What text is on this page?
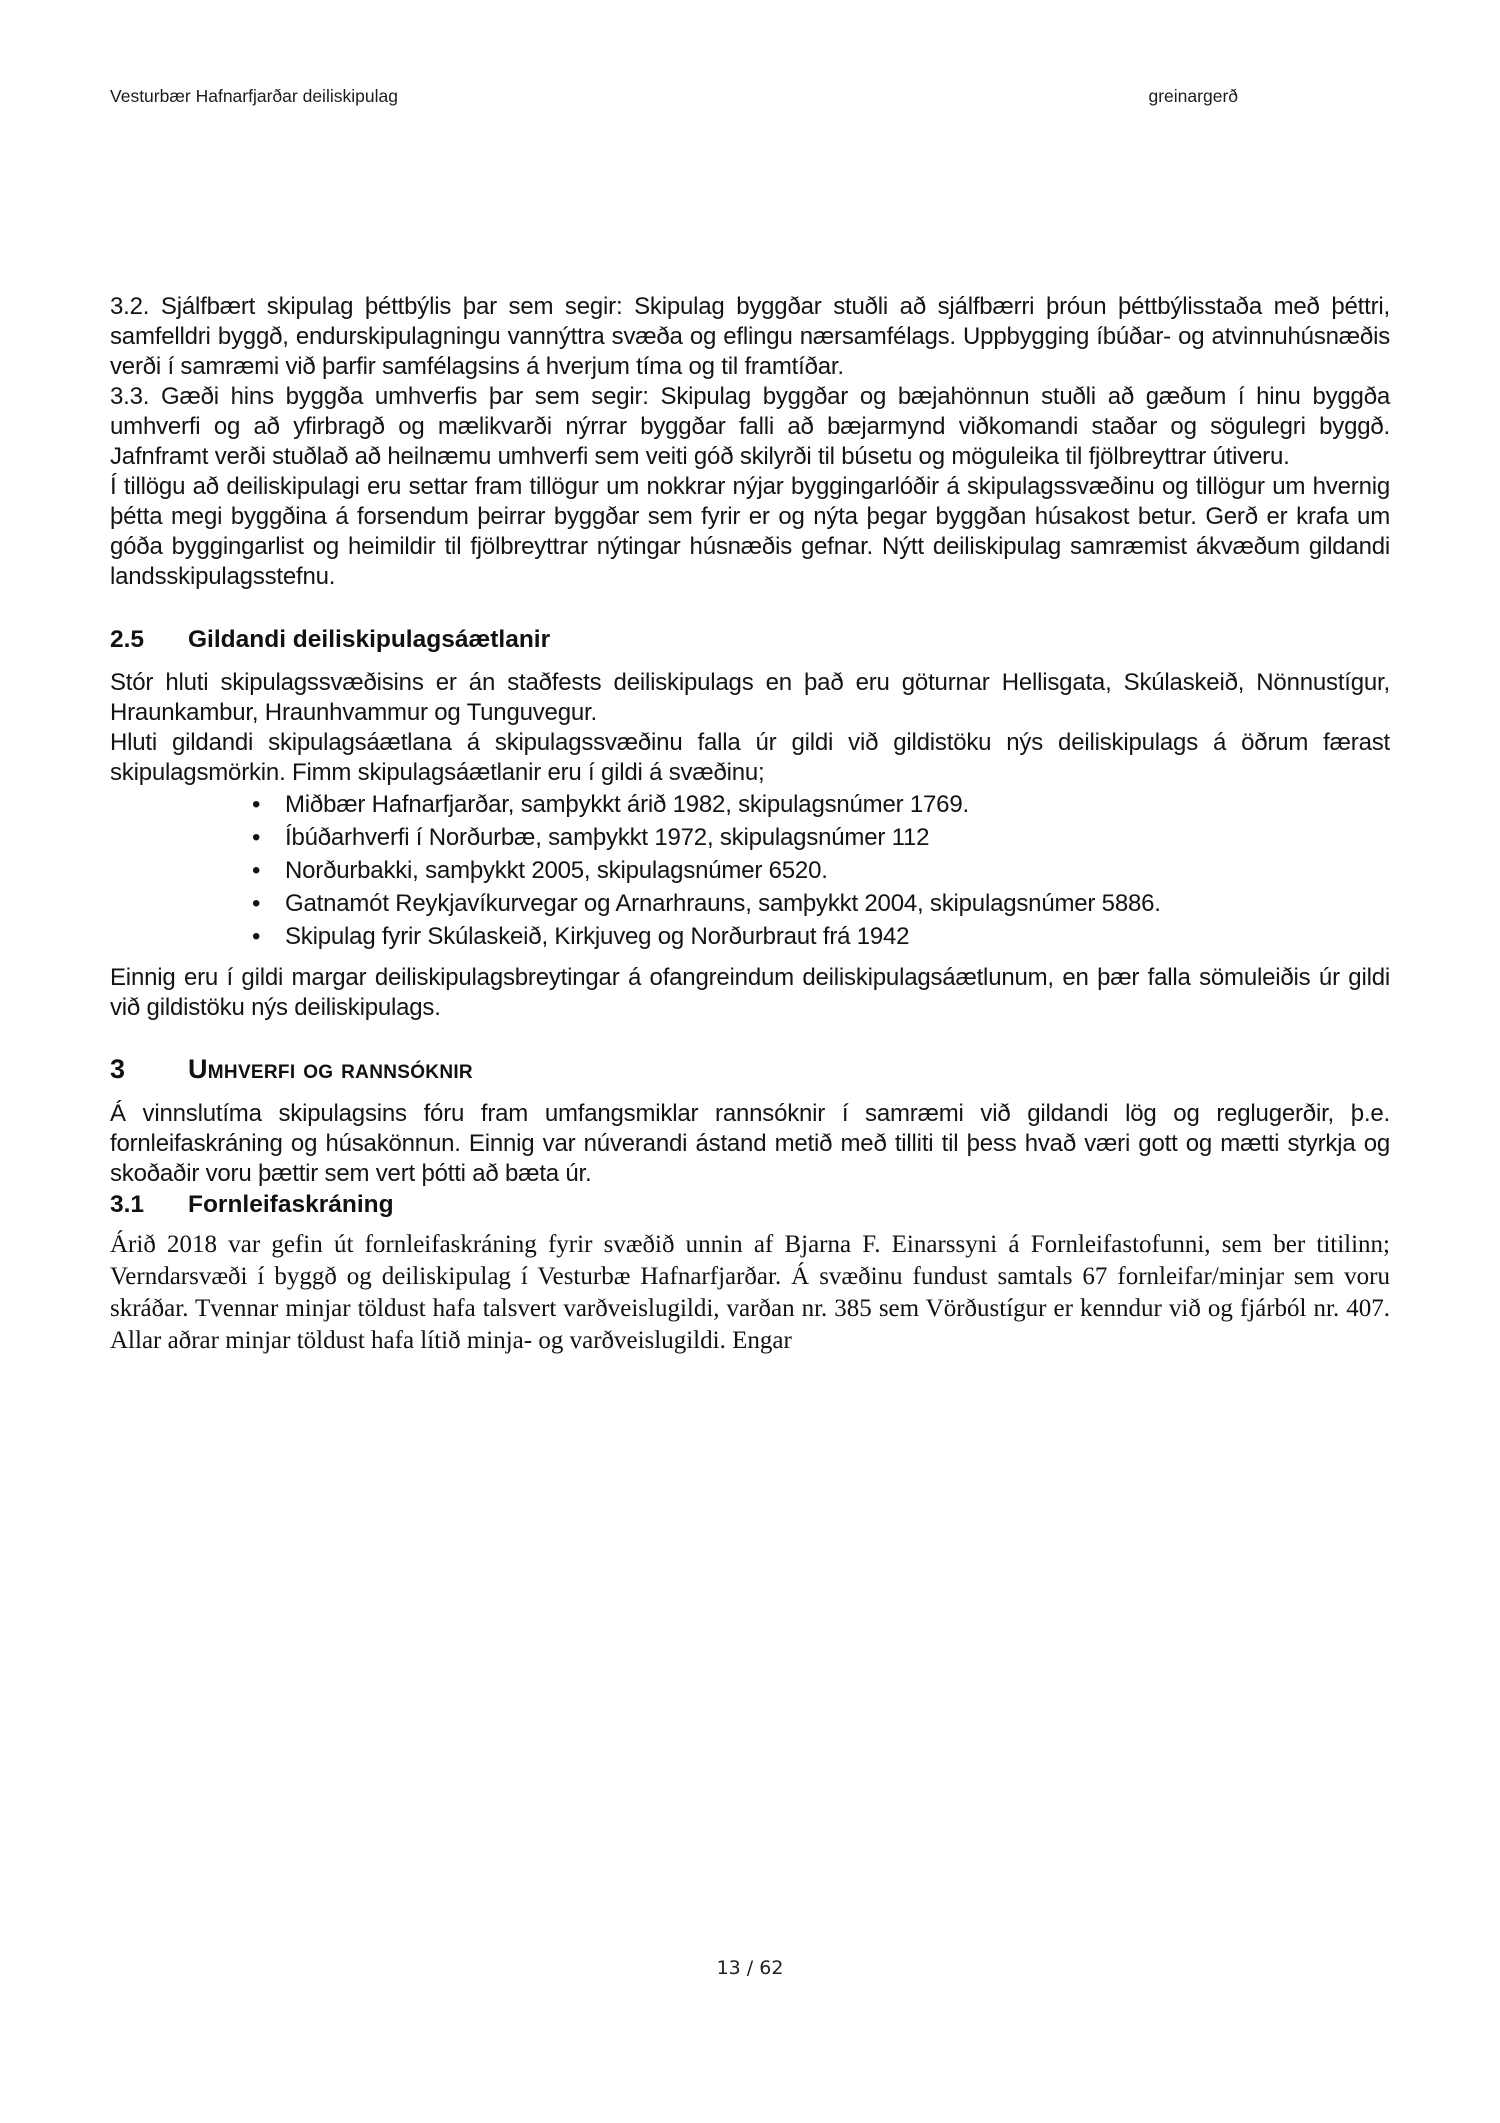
Vesturbær Hafnarfjarðar deiliskipulag	greinargerð

3.2. Sjálfbært skipulag þéttbýlis þar sem segir: Skipulag byggðar stuðli að sjálfbærri þróun þéttbýlisstaða með þéttri, samfelldri byggð, endurskipulagningu vannýttra svæða og eflingu nærsamfélags. Uppbygging íbúðar- og atvinnuhúsnæðis verði í samræmi við þarfir samfélagsins á hverjum tíma og til framtíðar.

3.3. Gæði hins byggða umhverfis þar sem segir: Skipulag byggðar og bæjahönnun stuðli að gæðum í hinu byggða umhverfi og að yfirbragð og mælikvarði nýrrar byggðar falli að bæjarmynd viðkomandi staðar og sögulegri byggð. Jafnframt verði stuðlað að heilnæmu umhverfi sem veiti góð skilyrði til búsetu og möguleika til fjölbreyttrar útiveru.

Í tillögu að deiliskipulagi eru settar fram tillögur um nokkrar nýjar byggingarlóðir á skipulagssvæðinu og tillögur um hvernig þétta megi byggðina á forsendum þeirrar byggðar sem fyrir er og nýta þegar byggðan húsakost betur. Gerð er krafa um góða byggingarlist og heimildir til fjölbreyttrar nýtingar húsnæðis gefnar. Nýtt deiliskipulag samræmist ákvæðum gildandi landsskipulagsstefnu.

2.5 Gildandi deiliskipulagsáætlanir

Stór hluti skipulagssvæðisins er án staðfests deiliskipulags en það eru göturnar Hellisgata, Skúlaskeið, Nönnustígur, Hraunkambur, Hraunhvammur og Tunguvegur.

Hluti gildandi skipulagsáætlana á skipulagssvæðinu falla úr gildi við gildistöku nýs deiliskipulags á öðrum færast skipulagsmörkin. Fimm skipulagsáætlanir eru í gildi á svæðinu;

• Miðbær Hafnarfjarðar, samþykkt árið 1982, skipulagsnúmer 1769.
• Íbúðarhverfi í Norðurbæ, samþykkt 1972, skipulagsnúmer 112
• Norðurbakki, samþykkt 2005, skipulagsnúmer 6520.
• Gatnamót Reykjavíkurvegar og Arnarhrauns, samþykkt 2004, skipulagsnúmer 5886.
• Skipulag fyrir Skúlaskeið, Kirkjuveg og Norðurbraut frá 1942

Einnig eru í gildi margar deiliskipulagsbreytingar á ofangreindum deiliskipulagsáætlunum, en þær falla sömuleiðis úr gildi við gildistöku nýs deiliskipulags.

3 Umhverfi og rannsóknir

Á vinnslutíma skipulagsins fóru fram umfangsmiklar rannsóknir í samræmi við gildandi lög og reglugerðir, þ.e. fornleifaskráning og húsakönnun. Einnig var núverandi ástand metið með tilliti til þess hvað væri gott og mætti styrkja og skoðaðir voru þættir sem vert þótti að bæta úr.

3.1 Fornleifaskráning

Árið 2018 var gefin út fornleifaskráning fyrir svæðið unnin af Bjarna F. Einarssyni á Fornleifastofunni, sem ber titilinn; Verndarsvæði í byggð og deiliskipulag í Vesturbæ Hafnarfjarðar. Á svæðinu fundust samtals 67 fornleifar/minjar sem voru skráðar. Tvennar minjar töldust hafa talsvert varðveislugildi, varðan nr. 385 sem Vörðustígur er kenndur við og fjárból nr. 407. Allar aðrar minjar töldust hafa lítið minja- og varðveislugildi. Engar

13 / 62
